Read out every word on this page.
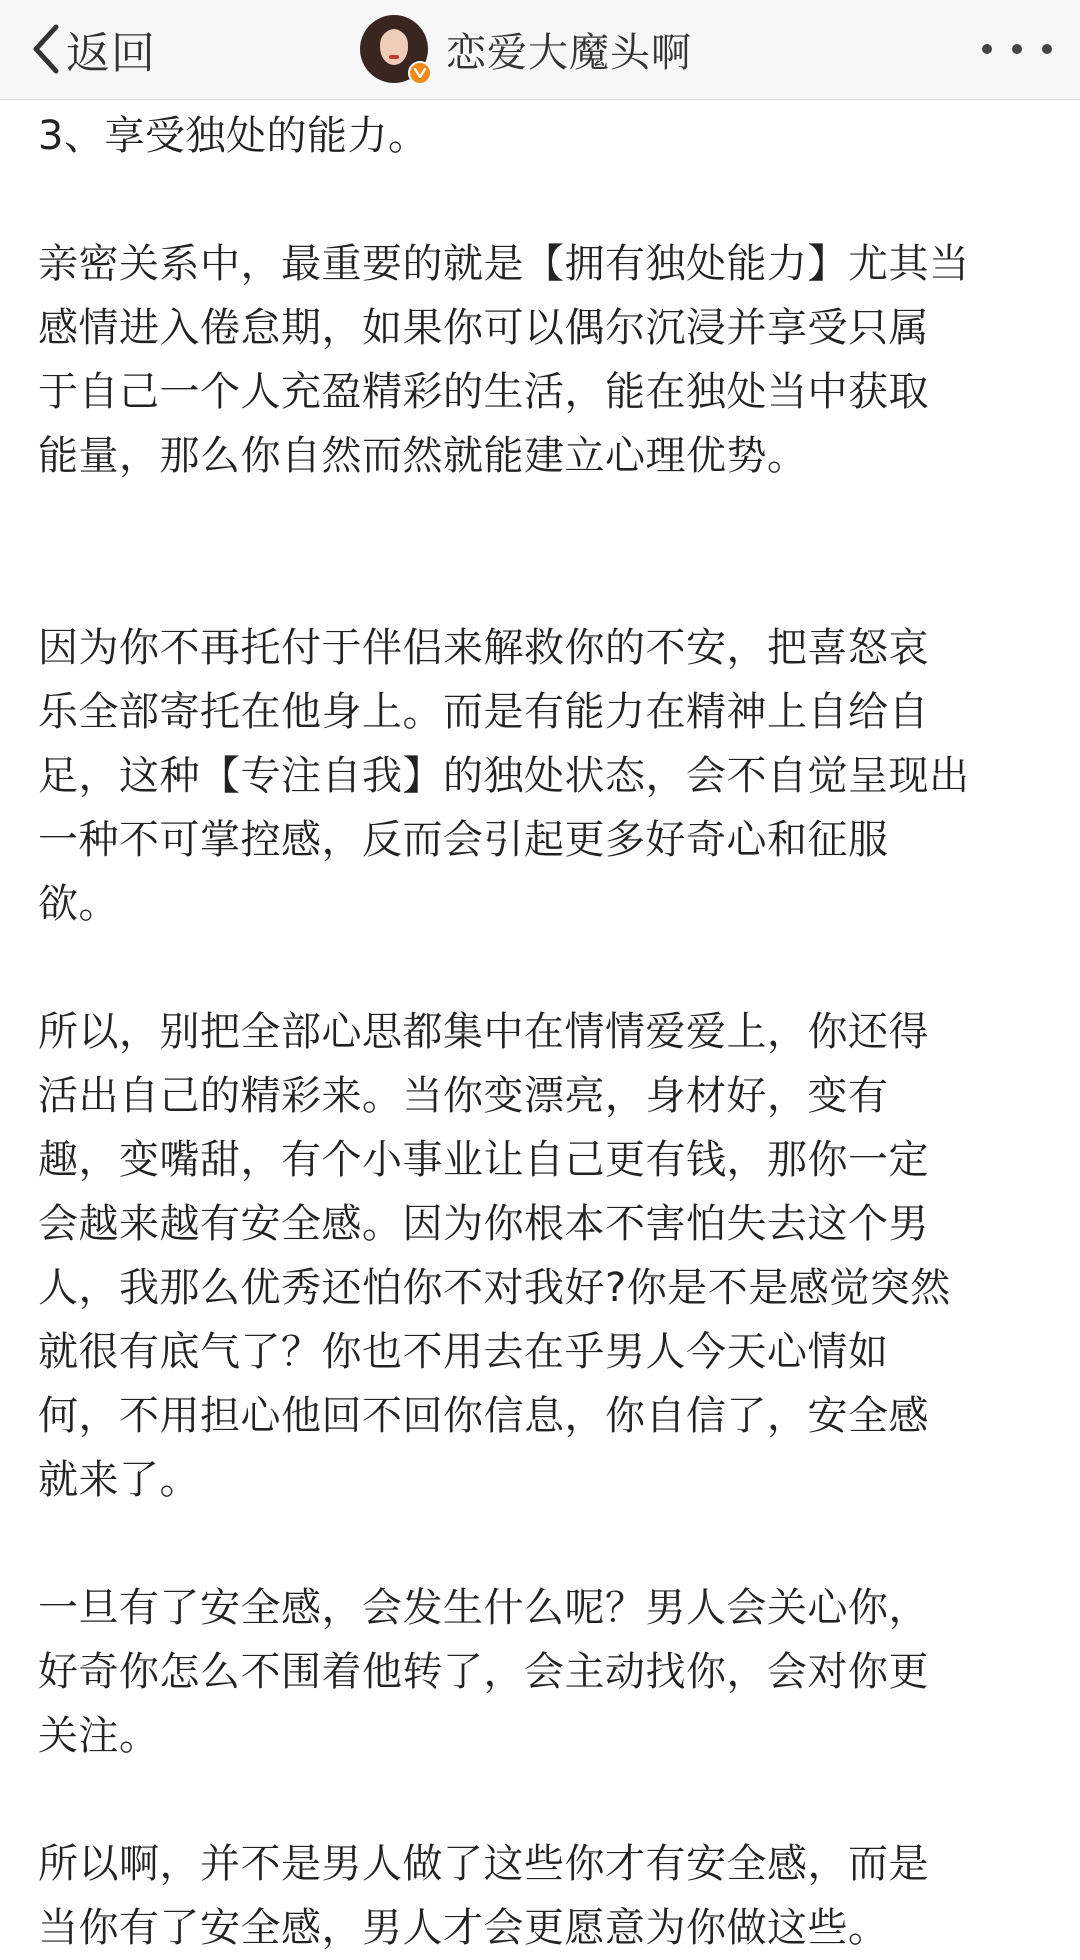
返回	恋爱大魔头啊

3、享受独处的能力。

亲密关系中，最重要的就是【拥有独处能力】尤其当

感情进入倦怠期，如果你可以偶尔沉浸并享受只属

于自己一个人充盈精彩的生活，能在独处当中获取

能量，那么你自然而然就能建立心理优势。

因为你不再托付于伴侣来解救你的不安，把喜怒哀

乐全部寄托在他身上。而是有能力在精神上自给自

足，这种【专注自我】的独处状态，会不自觉呈现出

一种不可掌控感，反而会引起更多好奇心和征服

欲。

所以，别把全部心思都集中在情情爱爱上，你还得

活出自己的精彩来。当你变漂亮，身材好，变有

趣，变嘴甜，有个小事业让自己更有钱，那你一定

会越来越有安全感。因为你根本不害怕失去这个男

人，我那么优秀还怕你不对我好?你是不是感觉突然

就很有底气了？你也不用去在乎男人今天心情如

何，不用担心他回不回你信息，你自信了，安全感

就来了。

一旦有了安全感，会发生什么呢？男人会关心你，

好奇你怎么不围着他转了，会主动找你，会对你更

关注。

所以啊，并不是男人做了这些你才有安全感，而是

当你有了安全感，男人才会更愿意为你做这些。
